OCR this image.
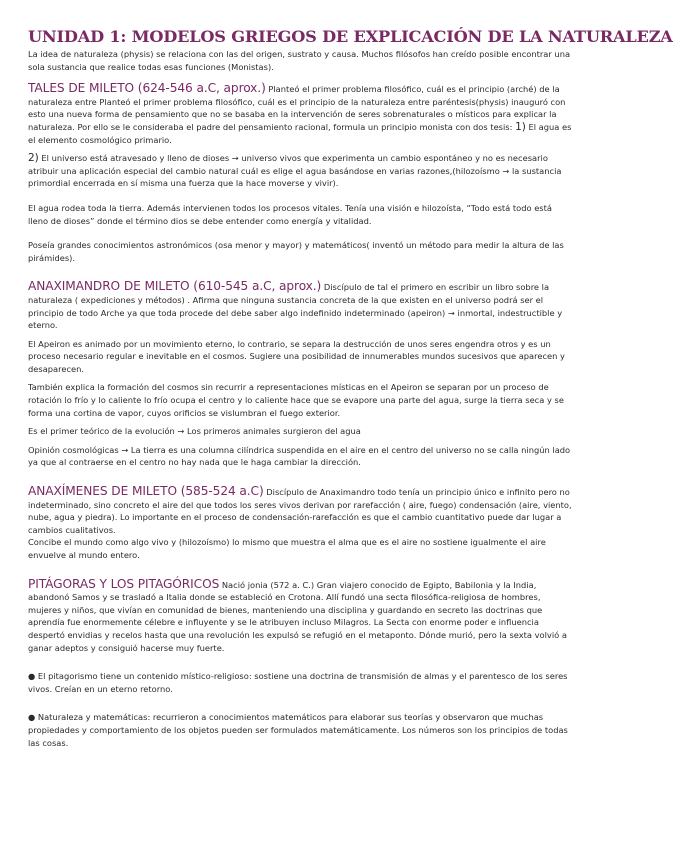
UNIDAD 1: MODELOS GRIEGOS DE EXPLICACIÓN DE LA NATURALEZA

La idea de naturaleza (physis) se relaciona con las del origen, sustrato y causa. Muchos filósofos han creído posible encontrar una sola sustancia que realice todas esas funciones (Monistas).

TALES DE MILETO (624-546 a.C, aprox.) Planteó el primer problema filosófico, cuál es el principio (arché) de la naturaleza entre Planteó el primer problema filosófico, cuál es el principio de la naturaleza entre paréntesis(physis) inauguró con esto una nueva forma de pensamiento que no se basaba en la intervención de seres sobrenaturales o místicos para explicar la naturaleza. Por ello se le consideraba el padre del pensamiento racional, formula un principio monista con dos tesis: 1) El agua es el elemento cosmológico primario.

2) El universo está atravesado y lleno de dioses → universo vivos que experimenta un cambio espontáneo y no es necesario atribuir una aplicación especial del cambio natural cuál es elige el agua basándose en varias razones,(hilozoísmo → la sustancia primordial encerrada en sí misma una fuerza que la hace moverse y vivir).

El agua rodea toda la tierra. Además intervienen todos los procesos vitales. Tenía una visión e hilozoísta, “Todo está todo está lleno de dioses” donde el término dios se debe entender como energía y vitalidad.

Poseía grandes conocimientos astronómicos (osa menor y mayor) y matemáticos( inventó un método para medir la altura de las pirámides).

ANAXIMANDRO DE MILETO (610-545 a.C, aprox.) Discípulo de tal el primero en escribir un libro sobre la naturaleza ( expediciones y métodos) . Afirma que ninguna sustancia concreta de la que existen en el universo podrá ser el principio de todo Arche ya que toda procede del debe saber algo indefinido indeterminado (apeiron) → inmortal, indestructible y eterno.

El Apeiron es animado por un movimiento eterno, lo contrario, se separa la destrucción de unos seres engendra otros y es un proceso necesario regular e inevitable en el cosmos. Sugiere una posibilidad de innumerables mundos sucesivos que aparecen y desaparecen.

También explica la formación del cosmos sin recurrir a representaciones místicas en el Apeiron se separan por un proceso de rotación lo frío y lo caliente lo frío ocupa el centro y lo caliente hace que se evapore una parte del agua, surge la tierra seca y se forma una cortina de vapor, cuyos orificios se vislumbran el fuego exterior.

Es el primer teórico de la evolución → Los primeros animales surgieron del agua

Opinión cosmológicas → La tierra es una columna cilíndrica suspendida en el aire en el centro del universo no se calla ningún lado ya que al contraerse en el centro no hay nada que le haga cambiar la dirección.

ANAXÍMENES DE MILETO (585-524 a.C) Discípulo de Anaximandro todo tenía un principio único e infinito pero no indeterminado, sino concreto el aire del que todos los seres vivos derivan por rarefacción ( aire, fuego) condensación (aire, viento, nube, agua y piedra). Lo importante en el proceso de condensación-rarefacción es que el cambio cuantitativo puede dar lugar a cambios cualitativos.

Concibe el mundo como algo vivo y (hilozoísmo) lo mismo que muestra el alma que es el aire no sostiene igualmente el aire envuelve al mundo entero.

PITÁGORAS Y LOS PITAGÓRICOS Nació jonia (572 a. C.) Gran viajero conocido de Egipto, Babilonia y la India, abandonó Samos y se trasladó a Italia donde se estableció en Crotona. Allí fundó una secta filosófica-religiosa de hombres, mujeres y niños, que vivían en comunidad de bienes, manteniendo una disciplina y guardando en secreto las doctrinas que aprendía fue enormemente célebre e influyente y se le atribuyen incluso Milagros. La Secta con enorme poder e influencia despertó envidias y recelos hasta que una revolución les expulsó se refugió en el metaponto. Dónde murió, pero la sexta volvió a ganar adeptos y consiguió hacerse muy fuerte.

● El pitagorismo tiene un contenido místico-religioso: sostiene una doctrina de transmisión de almas y el parentesco de los seres vivos. Creían en un eterno retorno.

● Naturaleza y matemáticas: recurrieron a conocimientos matemáticos para elaborar sus teorías y observaron que muchas propiedades y comportamiento de los objetos pueden ser formulados matemáticamente. Los números son los principios de todas las cosas.
